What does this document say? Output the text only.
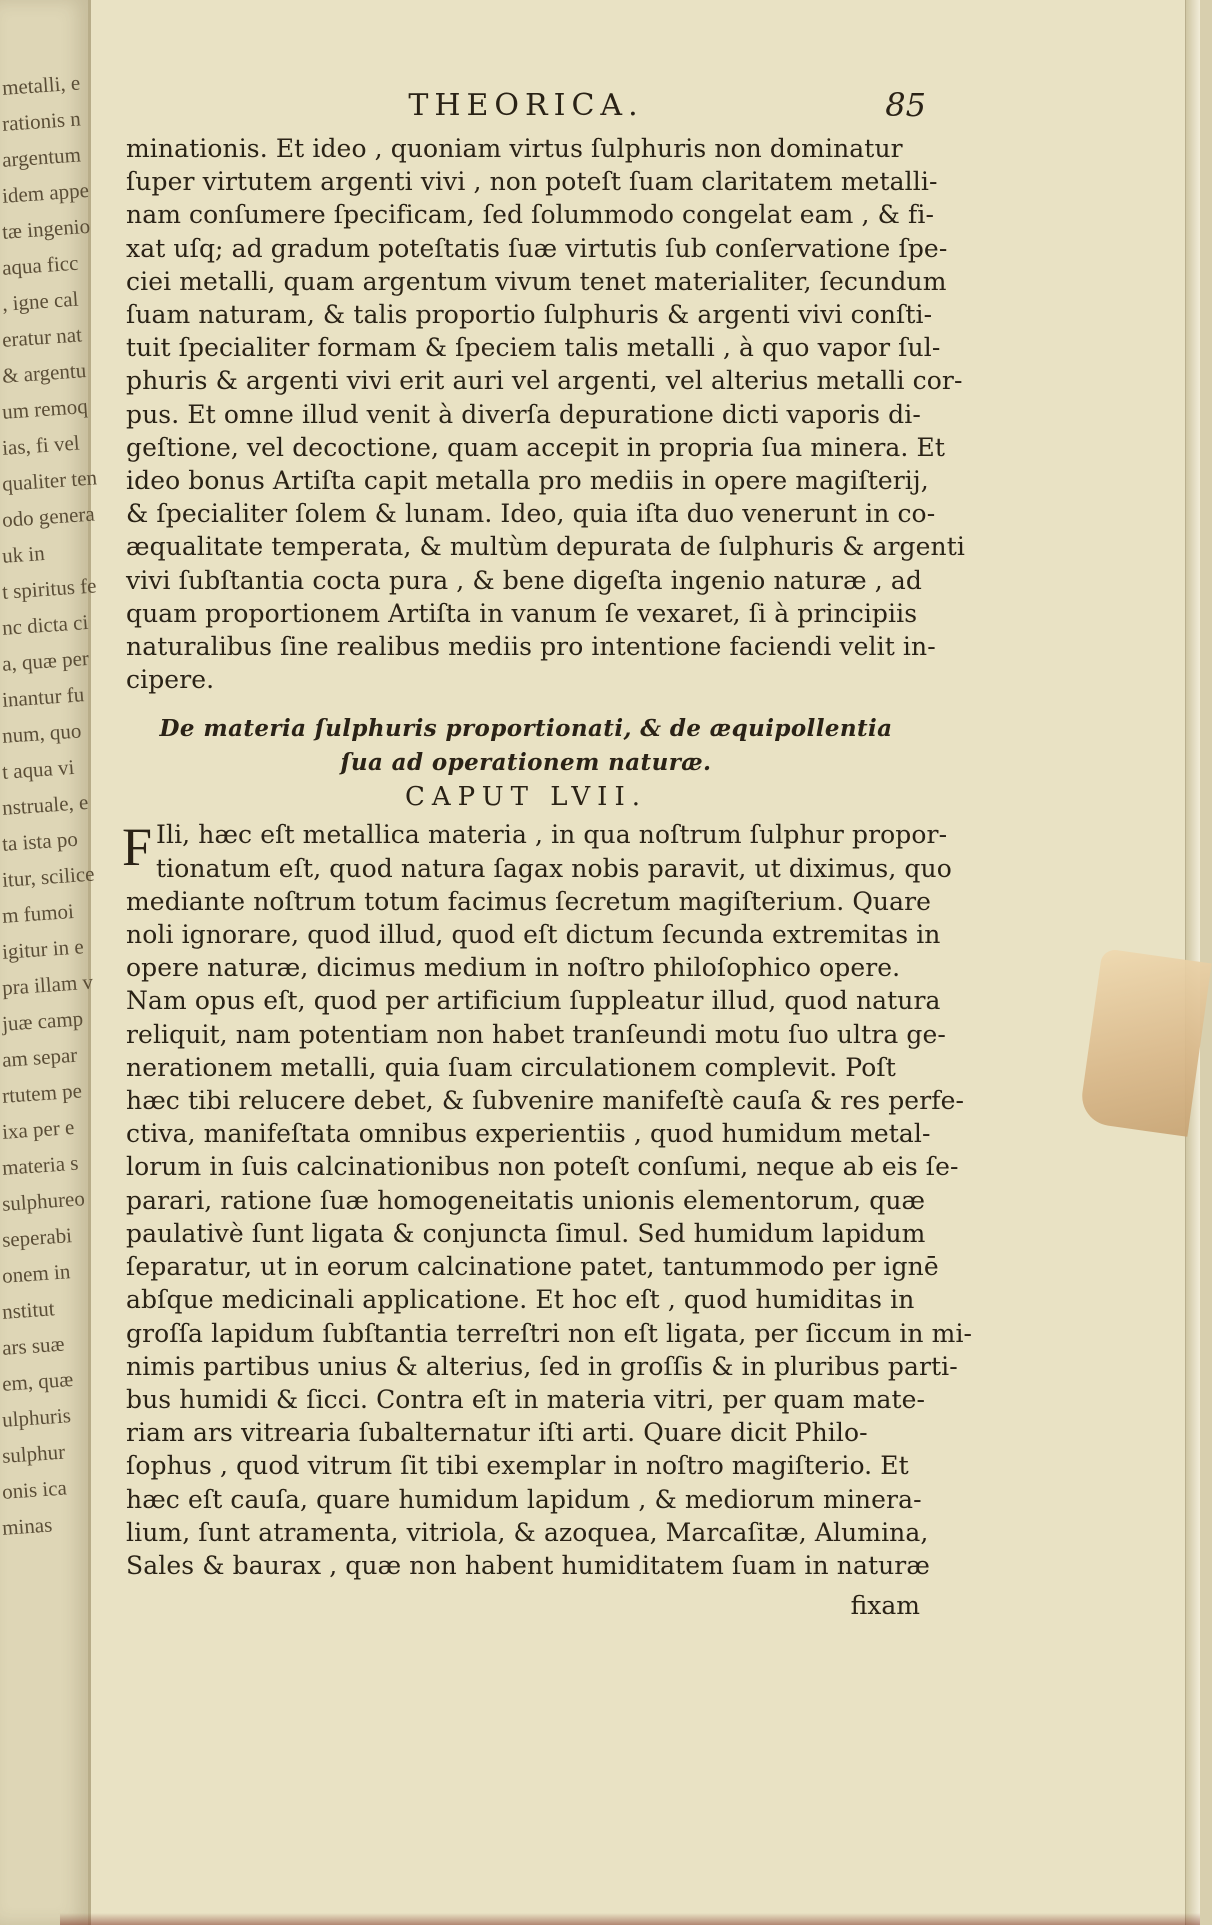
metalli, e
rationis n
argentum
idem appe
tæ ingenio
aqua ficc
, igne cal
eratur nat
& argentu
um remoq
ias, fi vel
qualiter ten
odo genera
uk in
t spiritus fe
nc dicta ci
a, quæ per
inantur fu
num, quo
t aqua vi
nstruale, e
ta ista po
itur, scilice
m fumoi
igitur in e
pra illam v
juæ camp
am separ
rtutem pe
ixa per e
materia s
sulphureo
seperabi
onem in
nstitut
ars suæ
em, quæ
ulphuris
sulphur
onis ica
minas
THEORICA.	85
minationis. Et ideo , quoniam virtus ſulphuris non dominatur
ſuper virtutem argenti vivi , non poteſt ſuam claritatem metalli-
nam conſumere ſpecificam, ſed ſolummodo congelat eam , & fi-
xat uſq; ad gradum poteſtatis ſuæ virtutis ſub conſervatione ſpe-
ciei metalli, quam argentum vivum tenet materialiter, ſecundum
ſuam naturam, & talis proportio ſulphuris & argenti vivi conſti-
tuit ſpecialiter formam & ſpeciem talis metalli , à quo vapor ſul-
phuris & argenti vivi erit auri vel argenti, vel alterius metalli cor-
pus. Et omne illud venit à diverſa depuratione dicti vaporis di-
geſtione, vel decoctione, quam accepit in propria ſua minera. Et
ideo bonus Artiſta capit metalla pro mediis in opere magiſterij,
& ſpecialiter ſolem & lunam. Ideo, quia iſta duo venerunt in co-
æqualitate temperata, & multùm depurata de ſulphuris & argenti
vivi ſubſtantia cocta pura , & bene digeſta ingenio naturæ , ad
quam proportionem Artiſta in vanum ſe vexaret, ſi à principiis
naturalibus ſine realibus mediis pro intentione faciendi velit in-
cipere.
De materia ſulphuris proportionati, & de æquipollentia
ſua ad operationem naturæ.
CAPUT LVII.
F Ili, hæc eſt metallica materia , in qua noſtrum ſulphur propor-
tionatum eſt, quod natura ſagax nobis paravit, ut diximus, quo
mediante noſtrum totum facimus ſecretum magiſterium. Quare
noli ignorare, quod illud, quod eſt dictum ſecunda extremitas in
opere naturæ, dicimus medium in noſtro philoſophico opere.
Nam opus eſt, quod per artificium ſuppleatur illud, quod natura
reliquit, nam potentiam non habet tranſeundi motu ſuo ultra ge-
nerationem metalli, quia ſuam circulationem complevit. Poſt
hæc tibi relucere debet, & ſubvenire manifeſtè cauſa & res perfe-
ctiva, manifeſtata omnibus experientiis , quod humidum metal-
lorum in ſuis calcinationibus non poteſt conſumi, neque ab eis ſe-
parari, ratione ſuæ homogeneitatis unionis elementorum, quæ
paulativè ſunt ligata & conjuncta ſimul. Sed humidum lapidum
ſeparatur, ut in eorum calcinatione patet, tantummodo per ignē
abſque medicinali applicatione. Et hoc eſt , quod humiditas in
groſſa lapidum ſubſtantia terreſtri non eſt ligata, per ſiccum in mi-
nimis partibus unius & alterius, ſed in groſſis & in pluribus parti-
bus humidi & ſicci. Contra eſt in materia vitri, per quam mate-
riam ars vitrearia ſubalternatur iſti arti. Quare dicit Philo-
ſophus , quod vitrum ſit tibi exemplar in noſtro magiſterio. Et
hæc eſt cauſa, quare humidum lapidum , & mediorum minera-
lium, ſunt atramenta, vitriola, & azoquea, Marcaſitæ, Alumina,
Sales & baurax , quæ non habent humiditatem ſuam in naturæ
fixam
